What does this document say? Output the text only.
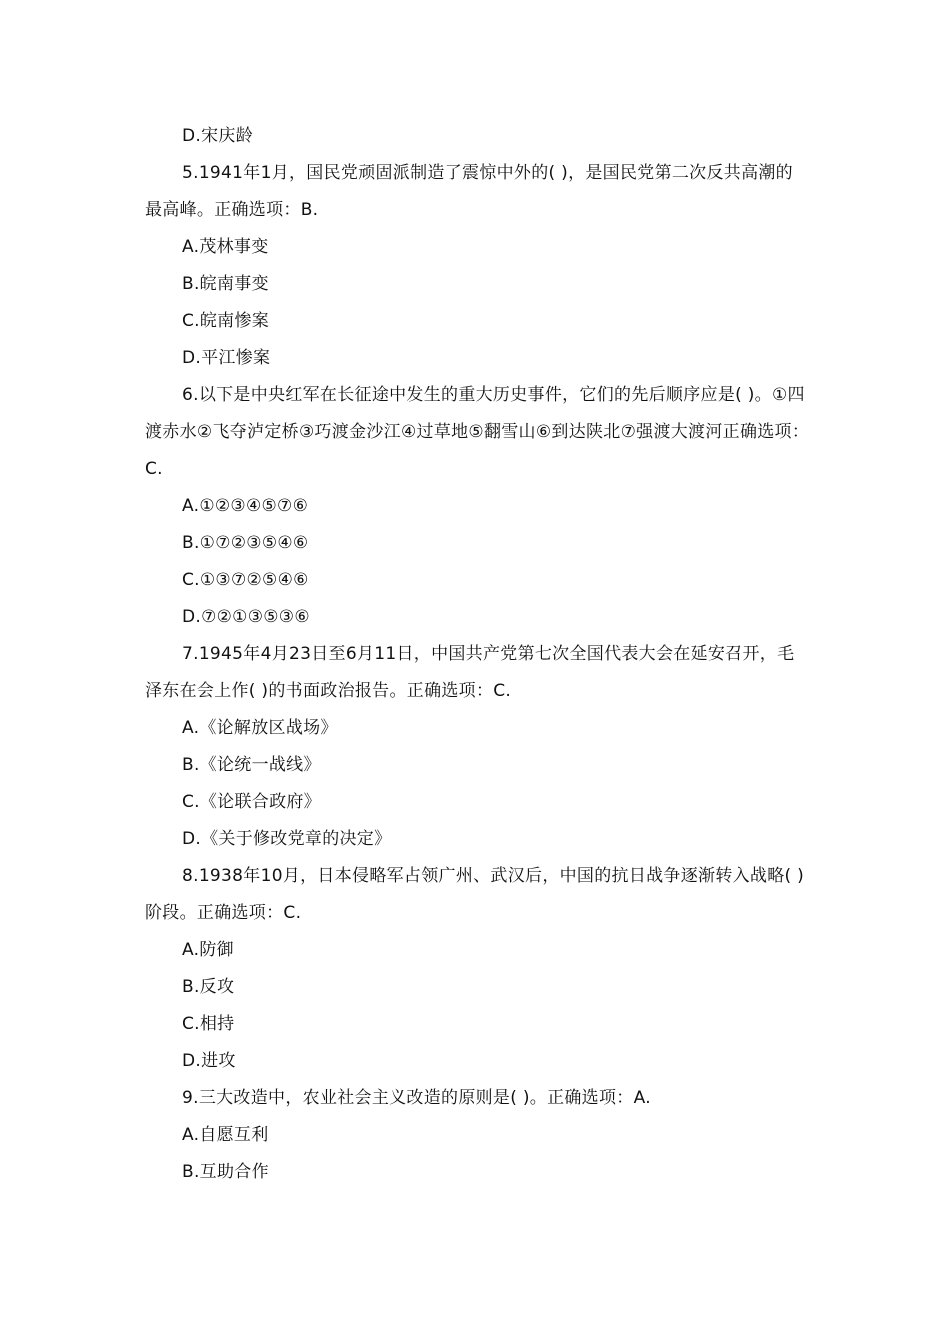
D.宋庆龄

5.1941年1月，国民党顽固派制造了震惊中外的( )，是国民党第二次反共高潮的最高峰。正确选项：B.

A.茂林事变

B.皖南事变

C.皖南惨案

D.平江惨案

6.以下是中央红军在长征途中发生的重大历史事件，它们的先后顺序应是( )。①四渡赤水②飞夺泸定桥③巧渡金沙江④过草地⑤翻雪山⑥到达陕北⑦强渡大渡河正确选项：C.

A.①②③④⑤⑦⑥

B.①⑦②③⑤④⑥

C.①③⑦②⑤④⑥

D.⑦②①③⑤③⑥

7.1945年4月23日至6月11日，中国共产党第七次全国代表大会在延安召开，毛泽东在会上作( )的书面政治报告。正确选项：C.

A.《论解放区战场》

B.《论统一战线》

C.《论联合政府》

D.《关于修改党章的决定》

8.1938年10月，日本侵略军占领广州、武汉后，中国的抗日战争逐渐转入战略( )阶段。正确选项：C.

A.防御

B.反攻

C.相持

D.进攻

9.三大改造中，农业社会主义改造的原则是( )。正确选项：A.

A.自愿互利

B.互助合作
